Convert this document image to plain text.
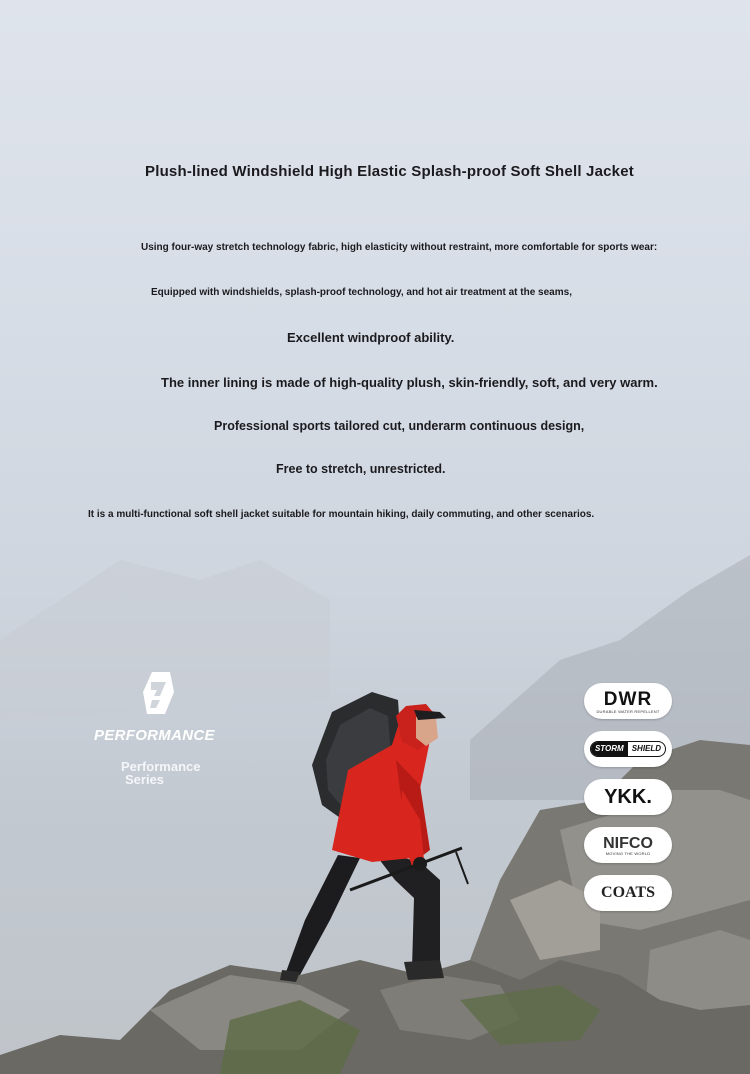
Plush-lined Windshield High Elastic Splash-proof Soft Shell Jacket
Using four-way stretch technology fabric, high elasticity without restraint, more comfortable for sports wear:
Equipped with windshields, splash-proof technology, and hot air treatment at the seams,
Excellent windproof ability.
The inner lining is made of high-quality plush, skin-friendly, soft, and very warm.
Professional sports tailored cut, underarm continuous design,
Free to stretch, unrestricted.
It is a multi-functional soft shell jacket suitable for mountain hiking, daily commuting, and other scenarios.
PERFORMANCE
Performance
Series
DWR
DURABLE WATER REPELLENT
STORM	SHIELD
YKK.
NIFCO
MOVING THE WORLD
COATS
